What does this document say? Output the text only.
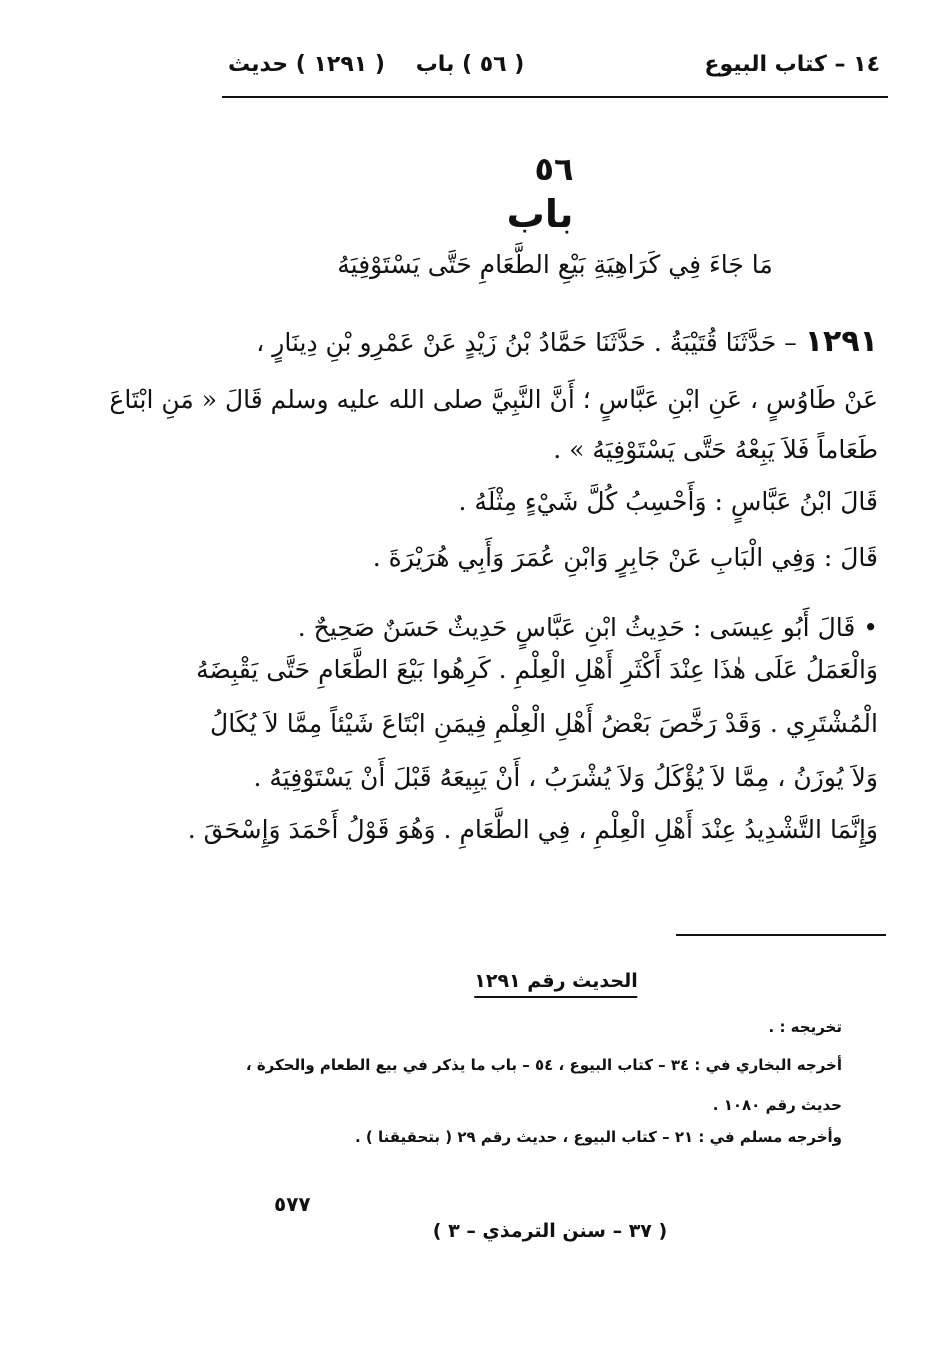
١٤ – كتاب البيوع
( ٥٦ ) باب
( ١٢٩١ ) حديث
٥٦
باب
مَا جَاءَ فِي كَرَاهِيَةِ بَيْعِ الطَّعَامِ حَتَّى يَسْتَوْفِيَهُ
١٢٩١ – حَدَّثَنَا قُتَيْبَةُ . حَدَّثَنَا حَمَّادُ بْنُ زَيْدٍ عَنْ عَمْرِو بْنِ دِينَارٍ ،
عَنْ طَاوُسٍ ، عَنِ ابْنِ عَبَّاسٍ ؛ أَنَّ النَّبِيَّ صلى الله عليه وسلم قَالَ « مَنِ ابْتَاعَ
طَعَاماً فَلاَ يَبِعْهُ حَتَّى يَسْتَوْفِيَهُ » .
قَالَ ابْنُ عَبَّاسٍ : وَأَحْسِبُ كُلَّ شَيْءٍ مِثْلَهُ .
قَالَ : وَفِي الْبَابِ عَنْ جَابِرٍ وَابْنِ عُمَرَ وَأَبِي هُرَيْرَةَ .
• قَالَ أَبُو عِيسَى : حَدِيثُ ابْنِ عَبَّاسٍ حَدِيثٌ حَسَنٌ صَحِيحٌ .
وَالْعَمَلُ عَلَى هٰذَا عِنْدَ أَكْثَرِ أَهْلِ الْعِلْمِ . كَرِهُوا بَيْعَ الطَّعَامِ حَتَّى يَقْبِضَهُ
الْمُشْتَرِي . وَقَدْ رَخَّصَ بَعْضُ أَهْلِ الْعِلْمِ فِيمَنِ ابْتَاعَ شَيْئاً مِمَّا لاَ يُكَالُ
وَلاَ يُوزَنُ ، مِمَّا لاَ يُؤْكَلُ وَلاَ يُشْرَبُ ، أَنْ يَبِيعَهُ قَبْلَ أَنْ يَسْتَوْفِيَهُ .
وَإِنَّمَا التَّشْدِيدُ عِنْدَ أَهْلِ الْعِلْمِ ، فِي الطَّعَامِ . وَهُوَ قَوْلُ أَحْمَدَ وَإِسْحَقَ .
الحديث رقم ١٢٩١
تخريجه : .
أخرجه البخاري في : ٣٤ – كتاب البيوع ، ٥٤ – باب ما يذكر في بيع الطعام والحكرة ،
حديث رقم ١٠٨٠ .
وأخرجه مسلم في : ٢١ – كتاب البيوع ، حديث رقم ٢٩ ( بتحقيقنا ) .
٥٧٧
( ٣٧ – سنن الترمذي – ٣ )
